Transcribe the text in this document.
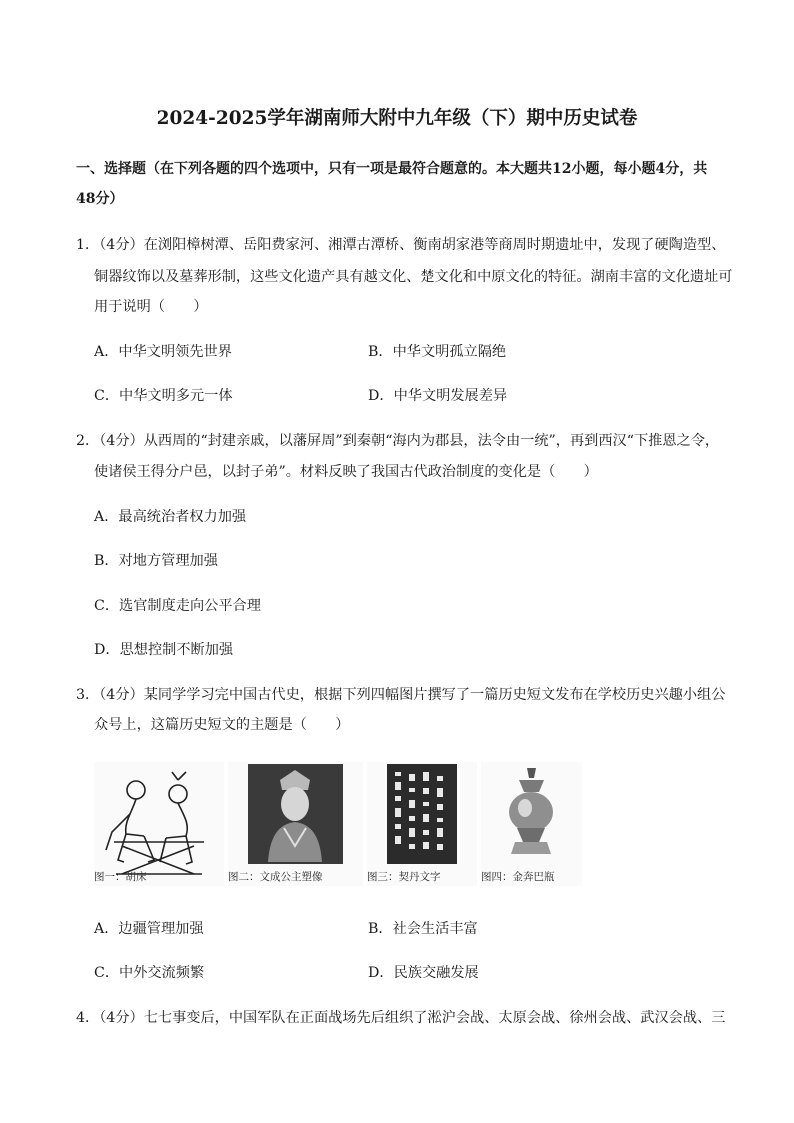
2024-2025学年湖南师大附中九年级（下）期中历史试卷
一、选择题（在下列各题的四个选项中，只有一项是最符合题意的。本大题共12小题，每小题4分，共
48分）
1．（4分）在浏阳樟树潭、岳阳费家河、湘潭古潭桥、衡南胡家港等商周时期遗址中，发现了硬陶造型、
铜器纹饰以及墓葬形制，这些文化遗产具有越文化、楚文化和中原文化的特征。湖南丰富的文化遗址可
用于说明（　　）
A．中华文明领先世界	B．中华文明孤立隔绝
C．中华文明多元一体	D．中华文明发展差异
2．（4分）从西周的“封建亲戚，以藩屏周”到秦朝“海内为郡县，法令由一统”，再到西汉“下推恩之令，
使诸侯王得分户邑，以封子弟”。材料反映了我国古代政治制度的变化是（　　）
A．最高统治者权力加强
B．对地方管理加强
C．选官制度走向公平合理
D．思想控制不断加强
3．（4分）某同学学习完中国古代史，根据下列四幅图片撰写了一篇历史短文发布在学校历史兴趣小组公
众号上，这篇历史短文的主题是（　　）
图一：胡床	图二：文成公主塑像	图三：契丹文字	图四：金奔巴瓶
A．边疆管理加强	B．社会生活丰富
C．中外交流频繁	D．民族交融发展
4．（4分）七七事变后，中国军队在正面战场先后组织了淞沪会战、太原会战、徐州会战、武汉会战、三
